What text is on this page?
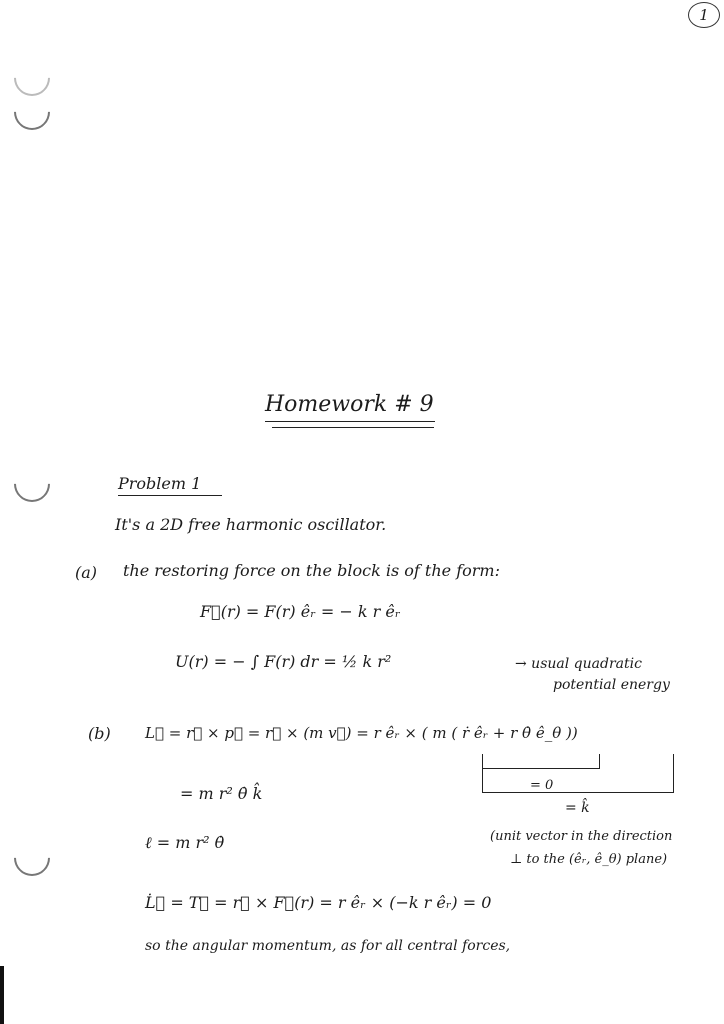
1
Homework # 9
Problem 1
It's a 2D free harmonic oscillator.
(a) the restoring force on the block is of the form:
F⃗(r) = F(r) êᵣ = − k r êᵣ
U(r) = − ∫ F(r) dr = ½ k r²	→ usual quadratic
potential energy
(b) L⃗ = r⃗ × p⃗ = r⃗ × (m v⃗) = r êᵣ × ( m ( ṙ êᵣ + r θ̇ ê_θ ))
= 0
= k̂
= m r² θ̇ k̂
ℓ = m r² θ̇	(unit vector in the direction
⊥ to the (êᵣ, ê_θ) plane)
L̇⃗ = T⃗ = r⃗ × F⃗(r) = r êᵣ × (−k r êᵣ) = 0
so the angular momentum, as for all central forces,
